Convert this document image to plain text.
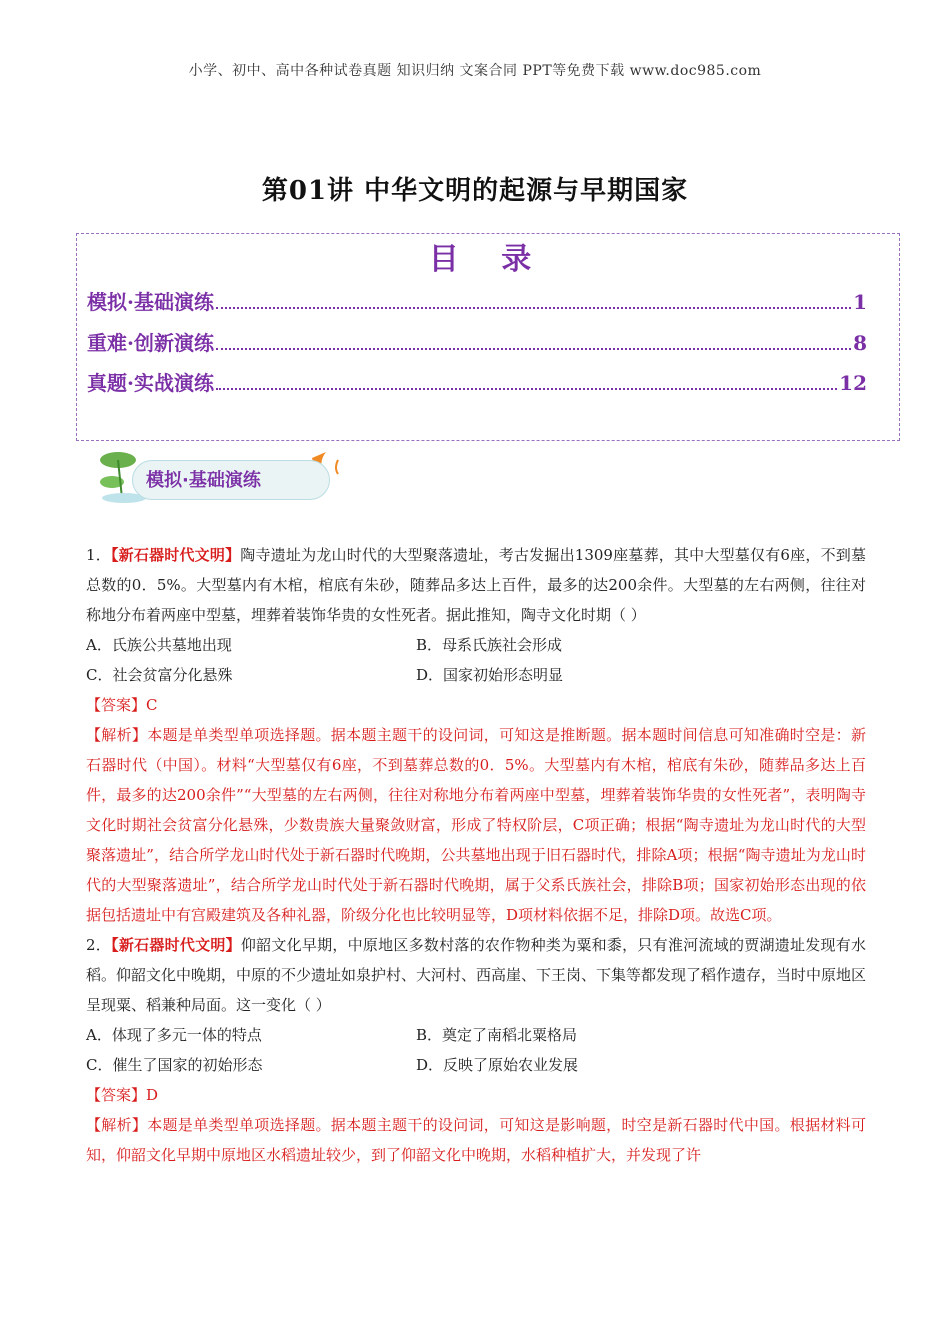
小学、初中、高中各种试卷真题 知识归纳 文案合同 PPT等免费下载 www.doc985.com
第01讲 中华文明的起源与早期国家
目 录
模拟·基础演练	1
重难·创新演练	8
真题·实战演练	12
模拟·基础演练

1．【新石器时代文明】陶寺遗址为龙山时代的大型聚落遗址，考古发掘出1309座墓葬，其中大型墓仅有6座，不到墓总数的0．5%。大型墓内有木棺，棺底有朱砂，随葬品多达上百件，最多的达200余件。大型墓的左右两侧，往往对称地分布着两座中型墓，埋葬着装饰华贵的女性死者。据此推知，陶寺文化时期（ ）

A．氏族公共墓地出现	B．母系氏族社会形成
C．社会贫富分化悬殊	D．国家初始形态明显

【答案】C

【解析】本题是单类型单项选择题。据本题主题干的设问词，可知这是推断题。据本题时间信息可知准确时空是：新石器时代（中国）。材料“大型墓仅有6座，不到墓葬总数的0．5%。大型墓内有木棺，棺底有朱砂，随葬品多达上百件，最多的达200余件”“大型墓的左右两侧，往往对称地分布着两座中型墓，埋葬着装饰华贵的女性死者”，表明陶寺文化时期社会贫富分化悬殊，少数贵族大量聚敛财富，形成了特权阶层，C项正确；根据“陶寺遗址为龙山时代的大型聚落遗址”，结合所学龙山时代处于新石器时代晚期，公共墓地出现于旧石器时代，排除A项；根据“陶寺遗址为龙山时代的大型聚落遗址”，结合所学龙山时代处于新石器时代晚期，属于父系氏族社会，排除B项；国家初始形态出现的依据包括遗址中有宫殿建筑及各种礼器，阶级分化也比较明显等，D项材料依据不足，排除D项。故选C项。

2．【新石器时代文明】仰韶文化早期，中原地区多数村落的农作物种类为粟和黍，只有淮河流域的贾湖遗址发现有水稻。仰韶文化中晚期，中原的不少遗址如泉护村、大河村、西高崖、下王岗、下集等都发现了稻作遗存，当时中原地区呈现粟、稻兼种局面。这一变化（ ）

A．体现了多元一体的特点	B．奠定了南稻北粟格局
C．催生了国家的初始形态	D．反映了原始农业发展

【答案】D

【解析】本题是单类型单项选择题。据本题主题干的设问词，可知这是影响题，时空是新石器时代中国。根据材料可知，仰韶文化早期中原地区水稻遗址较少，到了仰韶文化中晚期，水稻种植扩大，并发现了许
